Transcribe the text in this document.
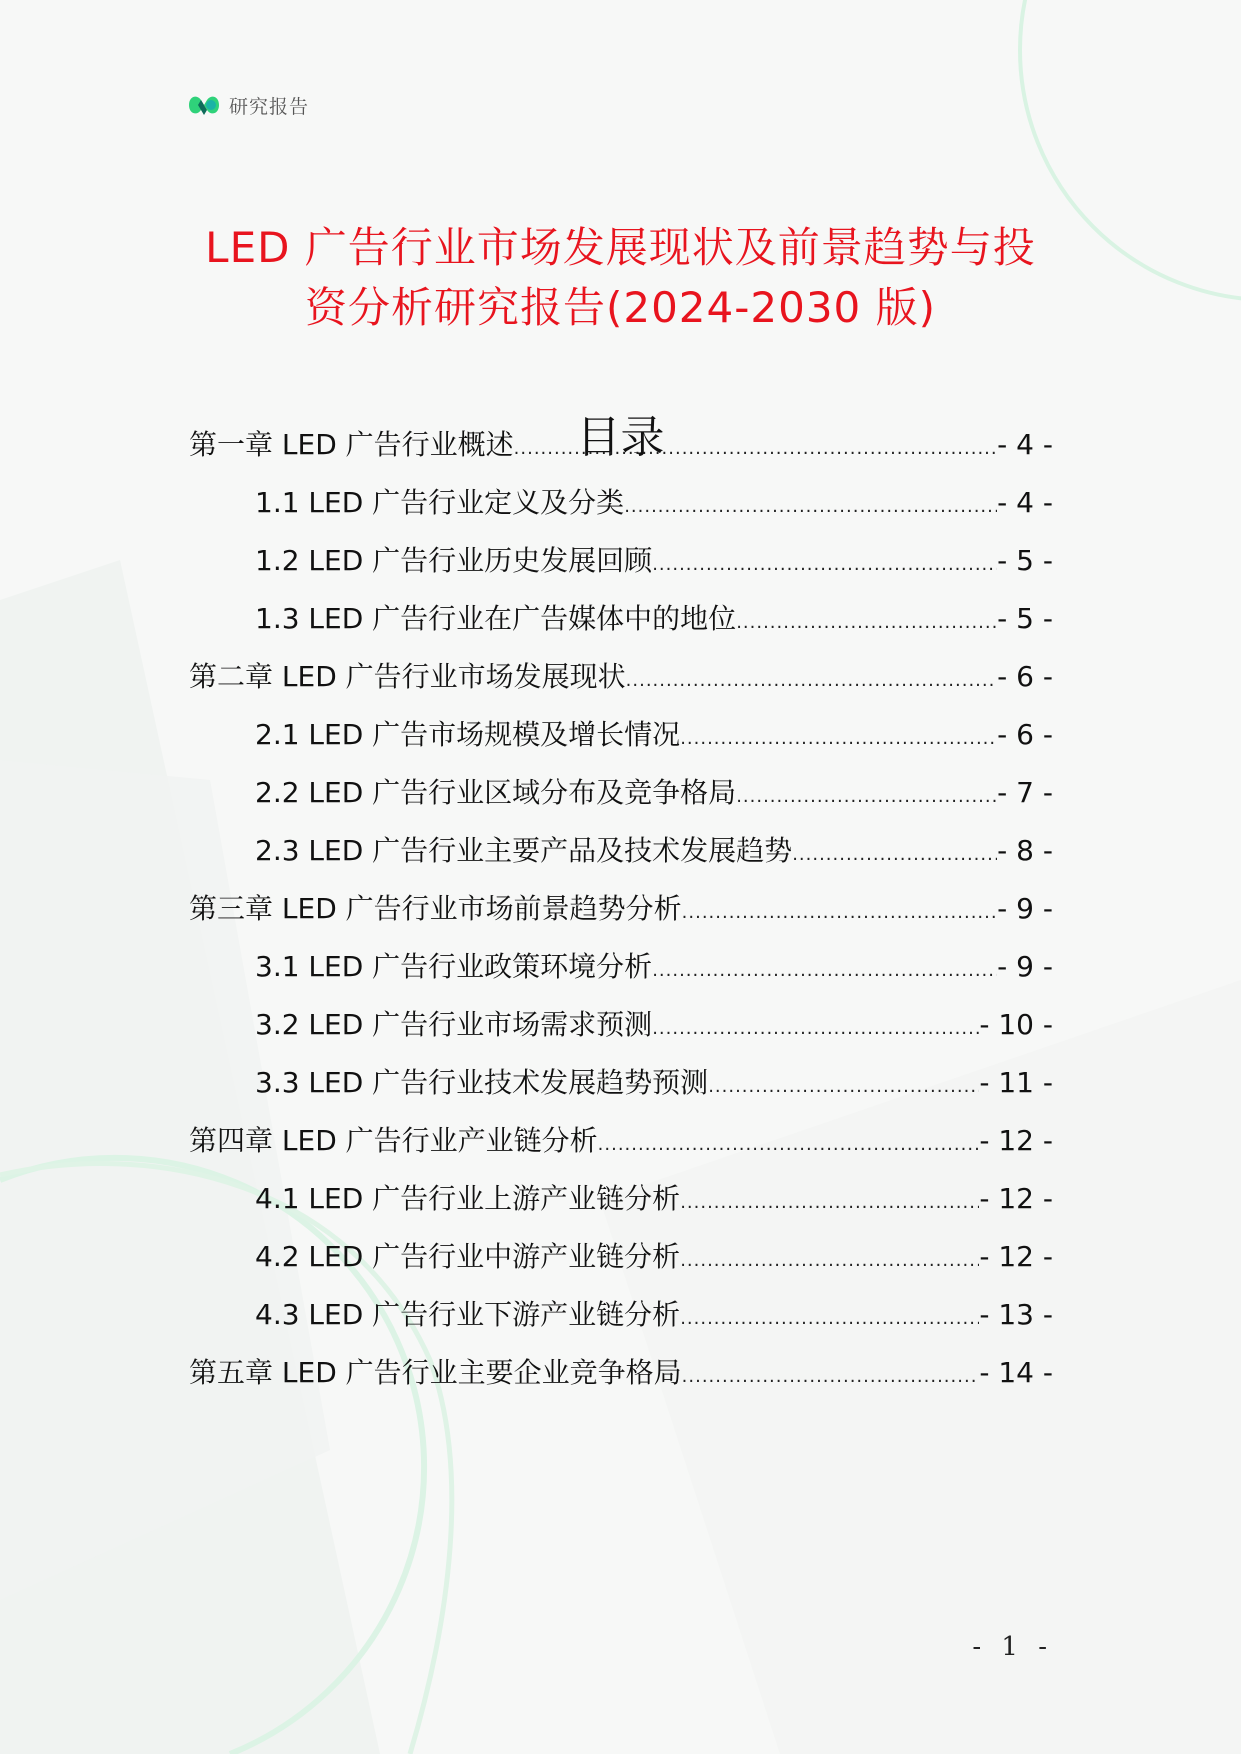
研究报告
LED 广告行业市场发展现状及前景趋势与投
资分析研究报告(2024-2030 版)
目录
第一章 LED 广告行业概述 .....	- 4 -
1.1 LED 广告行业定义及分类 .....	- 4 -
1.2 LED 广告行业历史发展回顾 .....	- 5 -
1.3 LED 广告行业在广告媒体中的地位 .....	- 5 -
第二章 LED 广告行业市场发展现状 .....	- 6 -
2.1 LED 广告市场规模及增长情况 .....	- 6 -
2.2 LED 广告行业区域分布及竞争格局 .....	- 7 -
2.3 LED 广告行业主要产品及技术发展趋势 .....	- 8 -
第三章 LED 广告行业市场前景趋势分析 .....	- 9 -
3.1 LED 广告行业政策环境分析 .....	- 9 -
3.2 LED 广告行业市场需求预测 .....	- 10 -
3.3 LED 广告行业技术发展趋势预测 .....	- 11 -
第四章 LED 广告行业产业链分析 .....	- 12 -
4.1 LED 广告行业上游产业链分析 .....	- 12 -
4.2 LED 广告行业中游产业链分析 .....	- 12 -
4.3 LED 广告行业下游产业链分析 .....	- 13 -
第五章 LED 广告行业主要企业竞争格局 .....	- 14 -
- 1 -
